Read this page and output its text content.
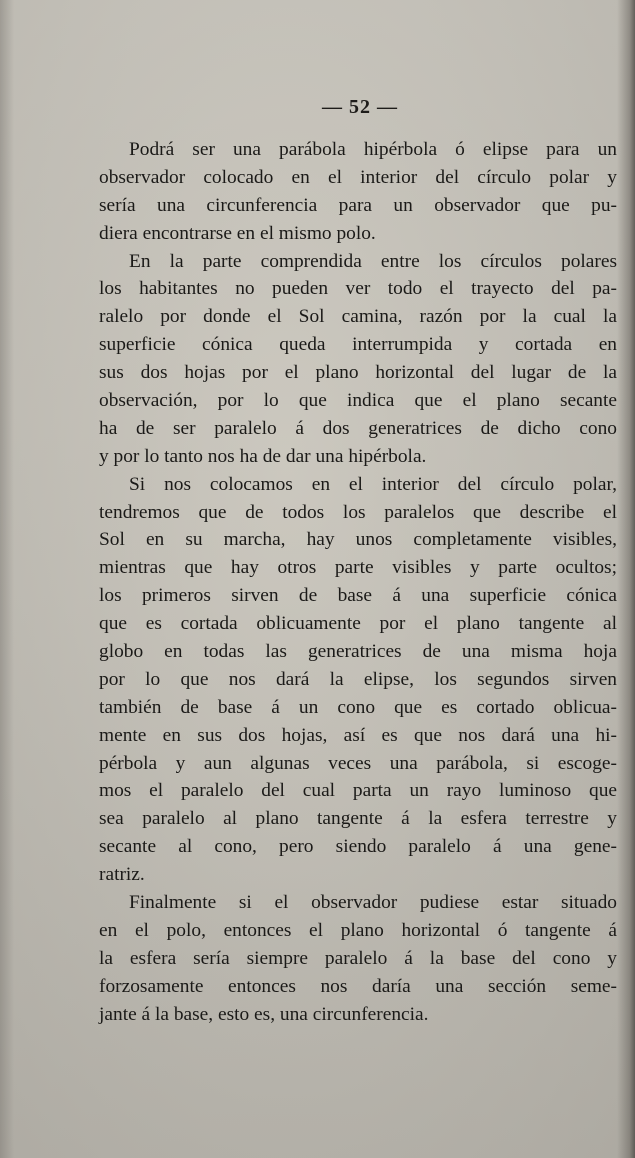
— 52 —
Podrá ser una parábola hipérbola ó elipse para un
observador colocado en el interior del círculo polar y
sería una circunferencia para un observador que pu-
diera encontrarse en el mismo polo.
En la parte comprendida entre los círculos polares
los habitantes no pueden ver todo el trayecto del pa-
ralelo por donde el Sol camina, razón por la cual la
superficie cónica queda interrumpida y cortada en
sus dos hojas por el plano horizontal del lugar de la
observación, por lo que indica que el plano secante
ha de ser paralelo á dos generatrices de dicho cono
y por lo tanto nos ha de dar una hipérbola.
Si nos colocamos en el interior del círculo polar,
tendremos que de todos los paralelos que describe el
Sol en su marcha, hay unos completamente visibles,
mientras que hay otros parte visibles y parte ocultos;
los primeros sirven de base á una superficie cónica
que es cortada oblicuamente por el plano tangente al
globo en todas las generatrices de una misma hoja
por lo que nos dará la elipse, los segundos sirven
también de base á un cono que es cortado oblicua-
mente en sus dos hojas, así es que nos dará una hi-
pérbola y aun algunas veces una parábola, si escoge-
mos el paralelo del cual parta un rayo luminoso que
sea paralelo al plano tangente á la esfera terrestre y
secante al cono, pero siendo paralelo á una gene-
ratriz.
Finalmente si el observador pudiese estar situado
en el polo, entonces el plano horizontal ó tangente á
la esfera sería siempre paralelo á la base del cono y
forzosamente entonces nos daría una sección seme-
jante á la base, esto es, una circunferencia.
